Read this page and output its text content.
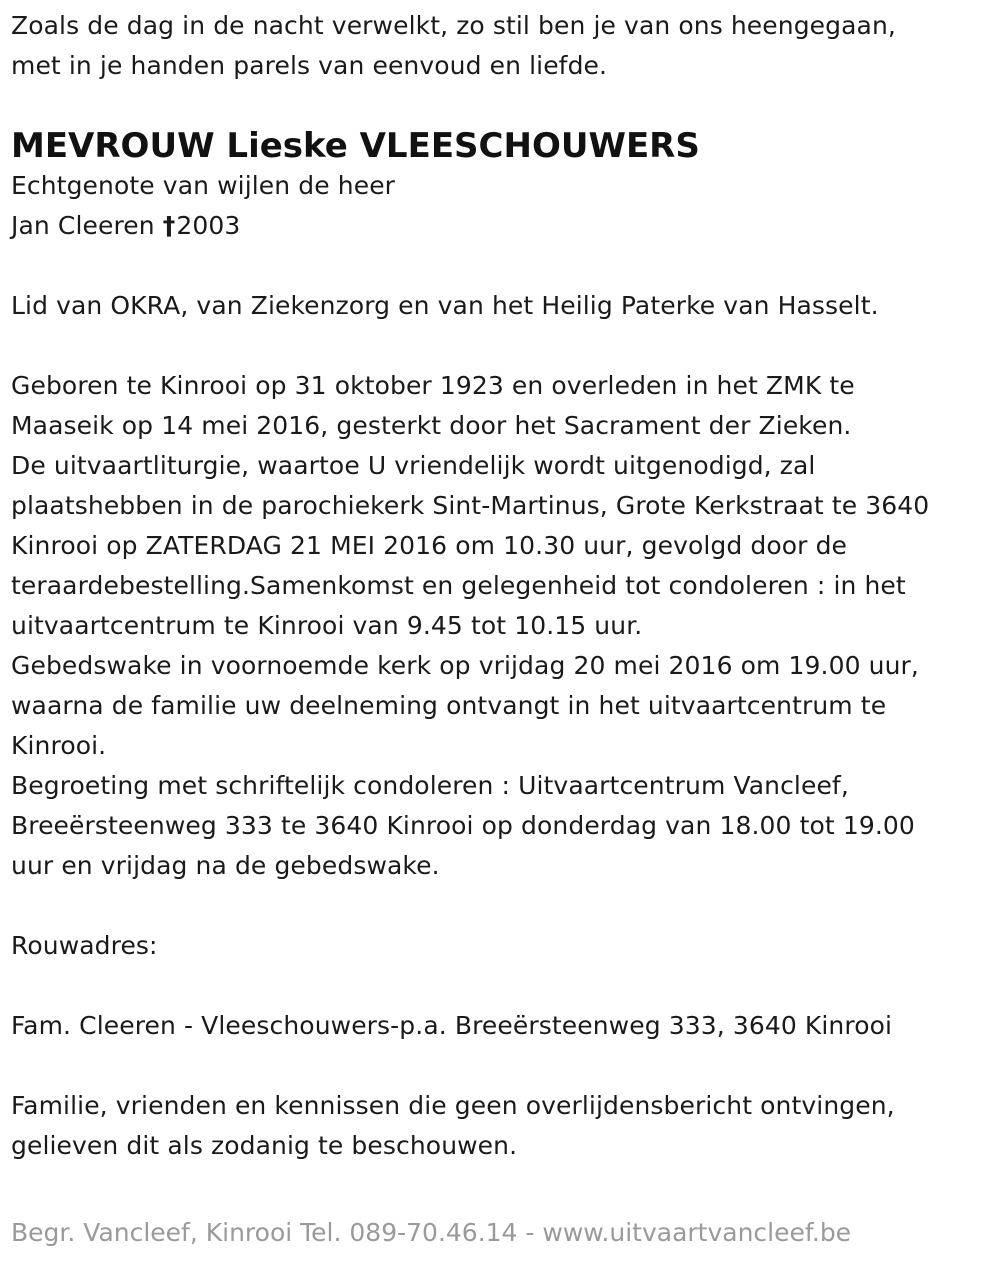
Zoals de dag in de nacht verwelkt, zo stil ben je van ons heengegaan,
met in je handen parels van eenvoud en liefde.
MEVROUW Lieske VLEESCHOUWERS
Echtgenote van wijlen de heer
Jan Cleeren †2003
Lid van OKRA, van Ziekenzorg en van het Heilig Paterke van Hasselt.
Geboren te Kinrooi op 31 oktober 1923 en overleden in het ZMK te
Maaseik op 14 mei 2016, gesterkt door het Sacrament der Zieken.
De uitvaartliturgie, waartoe U vriendelijk wordt uitgenodigd, zal
plaatshebben in de parochiekerk Sint-Martinus, Grote Kerkstraat te 3640
Kinrooi op ZATERDAG 21 MEI 2016 om 10.30 uur, gevolgd door de
teraardebestelling.Samenkomst en gelegenheid tot condoleren : in het
uitvaartcentrum te Kinrooi van 9.45 tot 10.15 uur.
Gebedswake in voornoemde kerk op vrijdag 20 mei 2016 om 19.00 uur,
waarna de familie uw deelneming ontvangt in het uitvaartcentrum te
Kinrooi.
Begroeting met schriftelijk condoleren : Uitvaartcentrum Vancleef,
Breeërsteenweg 333 te 3640 Kinrooi op donderdag van 18.00 tot 19.00
uur en vrijdag na de gebedswake.
Rouwadres:
Fam. Cleeren - Vleeschouwers-p.a. Breeërsteenweg 333, 3640 Kinrooi
Familie, vrienden en kennissen die geen overlijdensbericht ontvingen,
gelieven dit als zodanig te beschouwen.
Begr. Vancleef, Kinrooi Tel. 089-70.46.14 - www.uitvaartvancleef.be
